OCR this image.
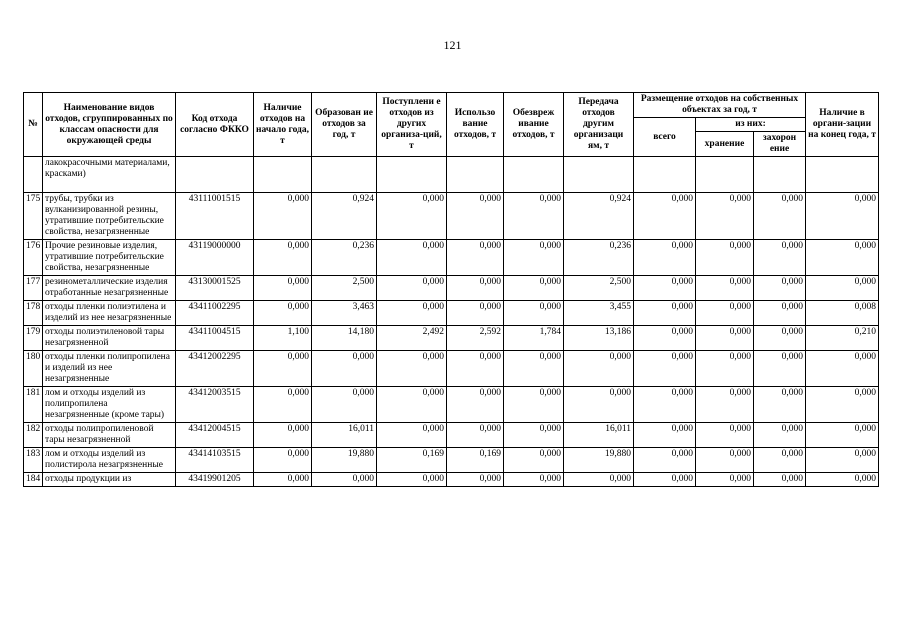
121
№	Наименование видов отходов, сгруппированных по классам опасности для окружающей среды	Код отхода согласно ФККО	Наличие отходов на начало года, т	Образован ие отходов за год, т	Поступлени е отходов из других организа-ций, т	Использо вание отходов, т	Обезвреж ивание отходов, т	Передача отходов другим организаци ям, т	Размещение отходов на собственных объектах за год, т			Наличие в органи-зации на конец года, т
									всего	из них:		
										хранение	захорон ение	
	лакокрасочными материалами, красками)											
175	трубы, трубки из вулканизированной резины, утратившие потребительские свойства, незагрязненные	43111001515	0,000	0,924	0,000	0,000	0,000	0,924	0,000	0,000	0,000	0,000
176	Прочие резиновые изделия, утратившие потребительские свойства, незагрязненные	43119000000	0,000	0,236	0,000	0,000	0,000	0,236	0,000	0,000	0,000	0,000
177	резинометаллические изделия отработанные незагрязненные	43130001525	0,000	2,500	0,000	0,000	0,000	2,500	0,000	0,000	0,000	0,000
178	отходы пленки полиэтилена и изделий из нее незагрязненные	43411002295	0,000	3,463	0,000	0,000	0,000	3,455	0,000	0,000	0,000	0,008
179	отходы полиэтиленовой тары незагрязненной	43411004515	1,100	14,180	2,492	2,592	1,784	13,186	0,000	0,000	0,000	0,210
180	отходы пленки полипропилена и изделий из нее незагрязненные	43412002295	0,000	0,000	0,000	0,000	0,000	0,000	0,000	0,000	0,000	0,000
181	лом и отходы изделий из полипропилена незагрязненные (кроме тары)	43412003515	0,000	0,000	0,000	0,000	0,000	0,000	0,000	0,000	0,000	0,000
182	отходы полипропиленовой тары незагрязненной	43412004515	0,000	16,011	0,000	0,000	0,000	16,011	0,000	0,000	0,000	0,000
183	лом и отходы изделий из полистирола незагрязненные	43414103515	0,000	19,880	0,169	0,169	0,000	19,880	0,000	0,000	0,000	0,000
184	отходы продукции из	43419901205	0,000	0,000	0,000	0,000	0,000	0,000	0,000	0,000	0,000	0,000
